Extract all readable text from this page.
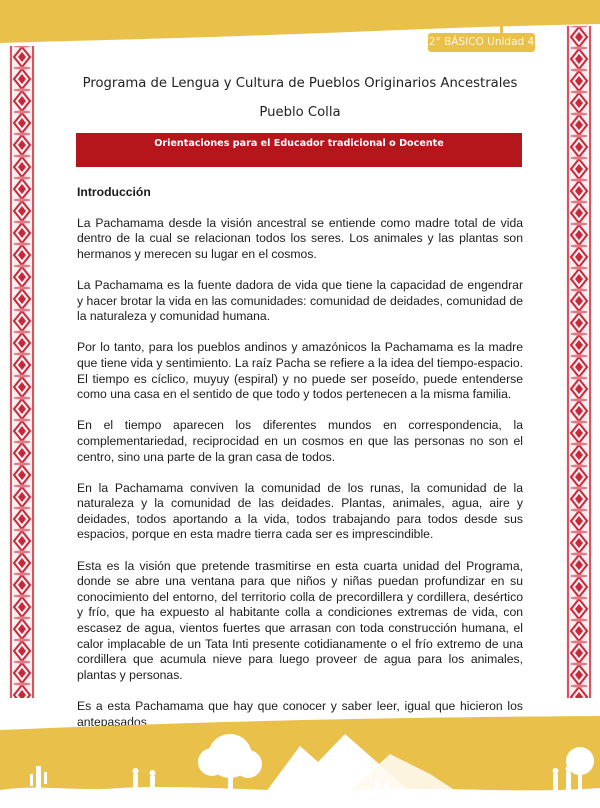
2° BÁSICO Unidad 4
Programa de Lengua y Cultura de Pueblos Originarios Ancestrales
Pueblo Colla
Orientaciones para el Educador tradicional o Docente
Introducción

La Pachamama desde la visión ancestral se entiende como madre total de vida dentro de la cual se relacionan todos los seres. Los animales y las plantas son hermanos y merecen su lugar en el cosmos.

La Pachamama es la fuente dadora de vida que tiene la capacidad de engendrar y hacer brotar la vida en las comunidades: comunidad de deidades, comunidad de la naturaleza y comunidad humana.

Por lo tanto, para los pueblos andinos y amazónicos la Pachamama es la madre que tiene vida y sentimiento. La raíz Pacha se refiere a la idea del tiempo-espacio. El tiempo es cíclico, muyuy (espiral) y no puede ser poseído, puede entenderse como una casa en el sentido de que todo y todos pertenecen a la misma familia.

En el tiempo aparecen los diferentes mundos en correspondencia, la complementariedad, reciprocidad en un cosmos en que las personas no son el centro, sino una parte de la gran casa de todos.

En la Pachamama conviven la comunidad de los runas, la comunidad de la naturaleza y la comunidad de las deidades. Plantas, animales, agua, aire y deidades, todos aportando a la vida, todos trabajando para todos desde sus espacios, porque en esta madre tierra cada ser es imprescindible.

Esta es la visión que pretende trasmitirse en esta cuarta unidad del Programa, donde se abre una ventana para que niños y niñas puedan profundizar en su conocimiento del entorno, del territorio colla de precordillera y cordillera, desértico y frío, que ha expuesto al habitante colla a condiciones extremas de vida, con escasez de agua, vientos fuertes que arrasan con toda construcción humana, el calor implacable de un Tata Inti presente cotidianamente o el frío extremo de una cordillera que acumula nieve para luego proveer de agua para los animales, plantas y personas.

Es a esta Pachamama que hay que conocer y saber leer, igual que hicieron los antepasados.
